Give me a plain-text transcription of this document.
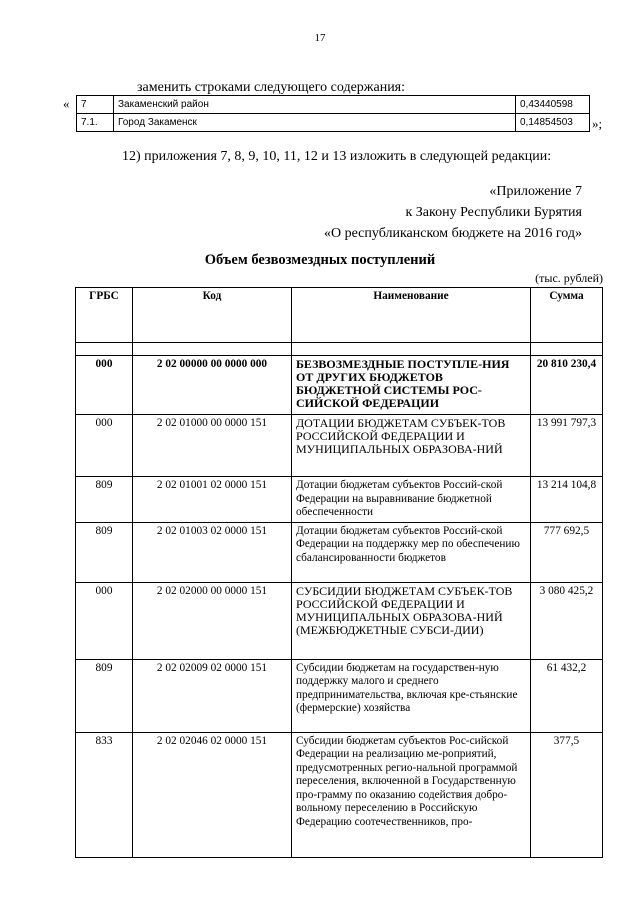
17
заменить строками следующего содержания:
« 7	Закаменский район	0,43440598
7.1.	Город Закаменск	0,14854503 »;
12) приложения 7, 8, 9, 10, 11, 12 и 13 изложить в следующей редакции:
«Приложение 7
к Закону Республики Бурятия
«О республиканском бюджете на 2016 год»
Объем безвозмездных поступлений
(тыс. рублей)
ГРБС	Код	Наименование	Сумма

000	2 02 00000 00 0000 000	БЕЗВОЗМЕЗДНЫЕ ПОСТУПЛЕ-НИЯ ОТ ДРУГИХ БЮДЖЕТОВ БЮДЖЕТНОЙ СИСТЕМЫ РОС-СИЙСКОЙ ФЕДЕРАЦИИ	20 810 230,4
000	2 02 01000 00 0000 151	ДОТАЦИИ БЮДЖЕТАМ СУБЪЕК-ТОВ РОССИЙСКОЙ ФЕДЕРАЦИИ И МУНИЦИПАЛЬНЫХ ОБРАЗОВА-НИЙ	13 991 797,3
809	2 02 01001 02 0000 151	Дотации бюджетам субъектов Россий-ской Федерации на выравнивание бюджетной обеспеченности	13 214 104,8
809	2 02 01003 02 0000 151	Дотации бюджетам субъектов Россий-ской Федерации на поддержку мер по обеспечению сбалансированности бюджетов	777 692,5
000	2 02 02000 00 0000 151	СУБСИДИИ БЮДЖЕТАМ СУБЪЕК-ТОВ РОССИЙСКОЙ ФЕДЕРАЦИИ И МУНИЦИПАЛЬНЫХ ОБРАЗОВА-НИЙ (МЕЖБЮДЖЕТНЫЕ СУБСИ-ДИИ)	3 080 425,2
809	2 02 02009 02 0000 151	Субсидии бюджетам на государствен-ную поддержку малого и среднего предпринимательства, включая кре-стьянские (фермерские) хозяйства	61 432,2
833	2 02 02046 02 0000 151	Субсидии бюджетам субъектов Рос-сийской Федерации на реализацию ме-роприятий, предусмотренных регио-нальной программой переселения, включенной в Государственную про-грамму по оказанию содействия добро-вольному переселению в Российскую Федерацию соотечественников, про-	377,5
